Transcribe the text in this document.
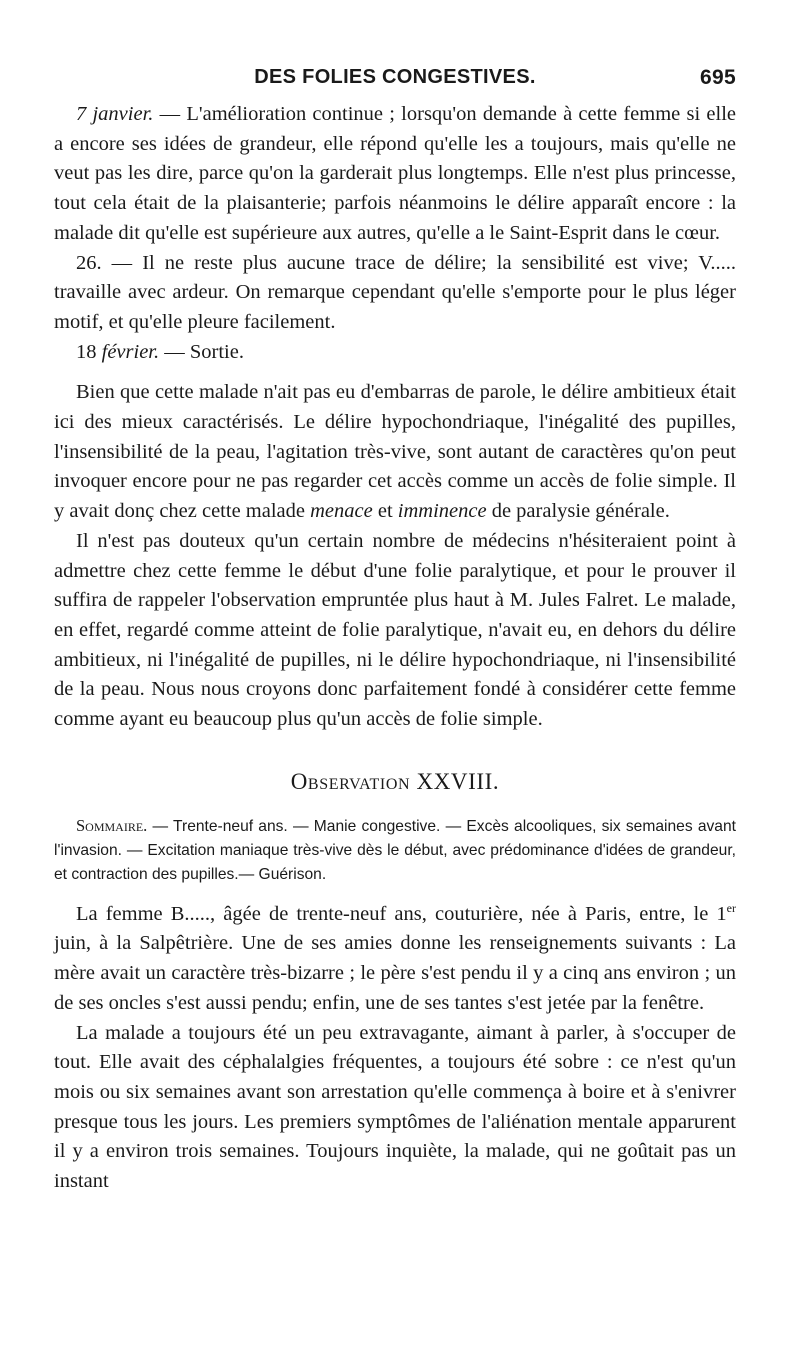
DES FOLIES CONGESTIVES.	695

7 janvier. — L'amélioration continue ; lorsqu'on demande à cette femme si elle a encore ses idées de grandeur, elle répond qu'elle les a toujours, mais qu'elle ne veut pas les dire, parce qu'on la garderait plus longtemps. Elle n'est plus princesse, tout cela était de la plaisanterie; parfois néanmoins le délire apparaît encore : la malade dit qu'elle est supérieure aux autres, qu'elle a le Saint-Esprit dans le cœur.

26. — Il ne reste plus aucune trace de délire; la sensibilité est vive; V..... travaille avec ardeur. On remarque cependant qu'elle s'emporte pour le plus léger motif, et qu'elle pleure facilement.

18 février. — Sortie.

Bien que cette malade n'ait pas eu d'embarras de parole, le délire ambitieux était ici des mieux caractérisés. Le délire hypochondriaque, l'inégalité des pupilles, l'insensibilité de la peau, l'agitation très-vive, sont autant de caractères qu'on peut invoquer encore pour ne pas regarder cet accès comme un accès de folie simple. Il y avait donç chez cette malade menace et imminence de paralysie générale.

Il n'est pas douteux qu'un certain nombre de médecins n'hésiteraient point à admettre chez cette femme le début d'une folie paralytique, et pour le prouver il suffira de rappeler l'observation empruntée plus haut à M. Jules Falret. Le malade, en effet, regardé comme atteint de folie paralytique, n'avait eu, en dehors du délire ambitieux, ni l'inégalité de pupilles, ni le délire hypochondriaque, ni l'insensibilité de la peau. Nous nous croyons donc parfaitement fondé à considérer cette femme comme ayant eu beaucoup plus qu'un accès de folie simple.

Observation XXVIII.

Sommaire. — Trente-neuf ans. — Manie congestive. — Excès alcooliques, six semaines avant l'invasion. — Excitation maniaque très-vive dès le début, avec prédominance d'idées de grandeur, et contraction des pupilles.— Guérison.

La femme B....., âgée de trente-neuf ans, couturière, née à Paris, entre, le 1er juin, à la Salpêtrière. Une de ses amies donne les renseignements suivants : La mère avait un caractère très-bizarre ; le père s'est pendu il y a cinq ans environ ; un de ses oncles s'est aussi pendu; enfin, une de ses tantes s'est jetée par la fenêtre.

La malade a toujours été un peu extravagante, aimant à parler, à s'occuper de tout. Elle avait des céphalalgies fréquentes, a toujours été sobre : ce n'est qu'un mois ou six semaines avant son arrestation qu'elle commença à boire et à s'enivrer presque tous les jours. Les premiers symptômes de l'aliénation mentale apparurent il y a environ trois semaines. Toujours inquiète, la malade, qui ne goûtait pas un instant
